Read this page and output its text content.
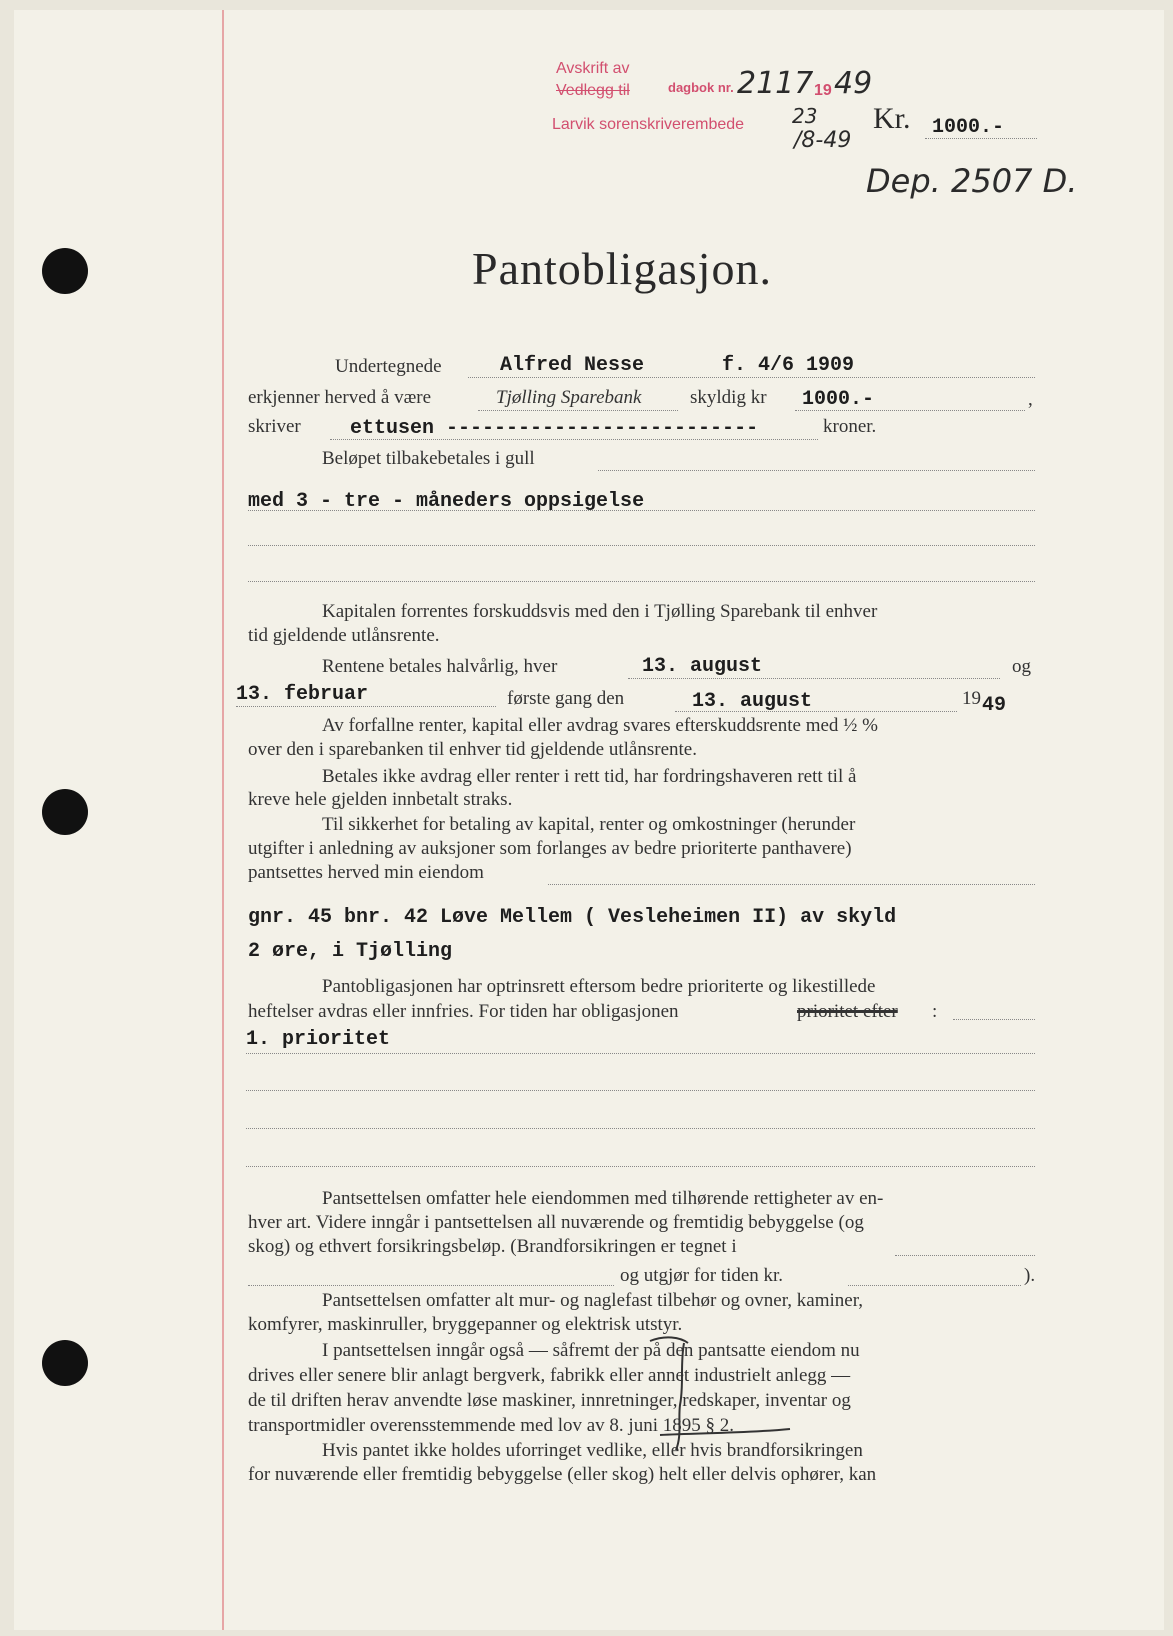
Avskrift av
Vedlegg til
Larvik sorenskriverembede
dagbok nr. 2117 19 49
23
/8-49
Kr. 1000.-
Dep. 2507 D.
Pantobligasjon.
Undertegnede	Alfred Nesse	f. 4/6 1909
erkjenner herved å være	Tjølling Sparebank	skyldig kr 1000.-	,
skriver ettusen --------------------------	kroner.
Beløpet tilbakebetales i gull
med 3 - tre - måneders oppsigelse
Kapitalen forrentes forskuddsvis med den i Tjølling Sparebank til enhver
tid gjeldende utlånsrente.
Rentene betales halvårlig, hver	13. august	og
13. februar	første gang den	13. august	19 49
Av forfallne renter, kapital eller avdrag svares efterskuddsrente med ½ %
over den i sparebanken til enhver tid gjeldende utlånsrente.
Betales ikke avdrag eller renter i rett tid, har fordringshaveren rett til å
kreve hele gjelden innbetalt straks.
Til sikkerhet for betaling av kapital, renter og omkostninger (herunder
utgifter i anledning av auksjoner som forlanges av bedre prioriterte panthavere)
pantsettes herved min eiendom
gnr. 45 bnr. 42 Løve Mellem ( Vesleheimen II) av skyld
2 øre, i Tjølling
Pantobligasjonen har optrinsrett eftersom bedre prioriterte og likestillede
heftelser avdras eller innfries. For tiden har obligasjonen	prioritet efter :
1. prioritet
Pantsettelsen omfatter hele eiendommen med tilhørende rettigheter av en-
hver art. Videre inngår i pantsettelsen all nuværende og fremtidig bebyggelse (og
skog) og ethvert forsikringsbeløp. (Brandforsikringen er tegnet i
og utgjør for tiden kr.	).
Pantsettelsen omfatter alt mur- og naglefast tilbehør og ovner, kaminer,
komfyrer, maskinruller, bryggepanner og elektrisk utstyr.
I pantsettelsen inngår også — såfremt der på den pantsatte eiendom nu
drives eller senere blir anlagt bergverk, fabrikk eller annet industrielt anlegg —
de til driften herav anvendte løse maskiner, innretninger, redskaper, inventar og
transportmidler overensstemmende med lov av 8. juni 1895 § 2.
Hvis pantet ikke holdes uforringet vedlike, eller hvis brandforsikringen
for nuværende eller fremtidig bebyggelse (eller skog) helt eller delvis ophører, kan
